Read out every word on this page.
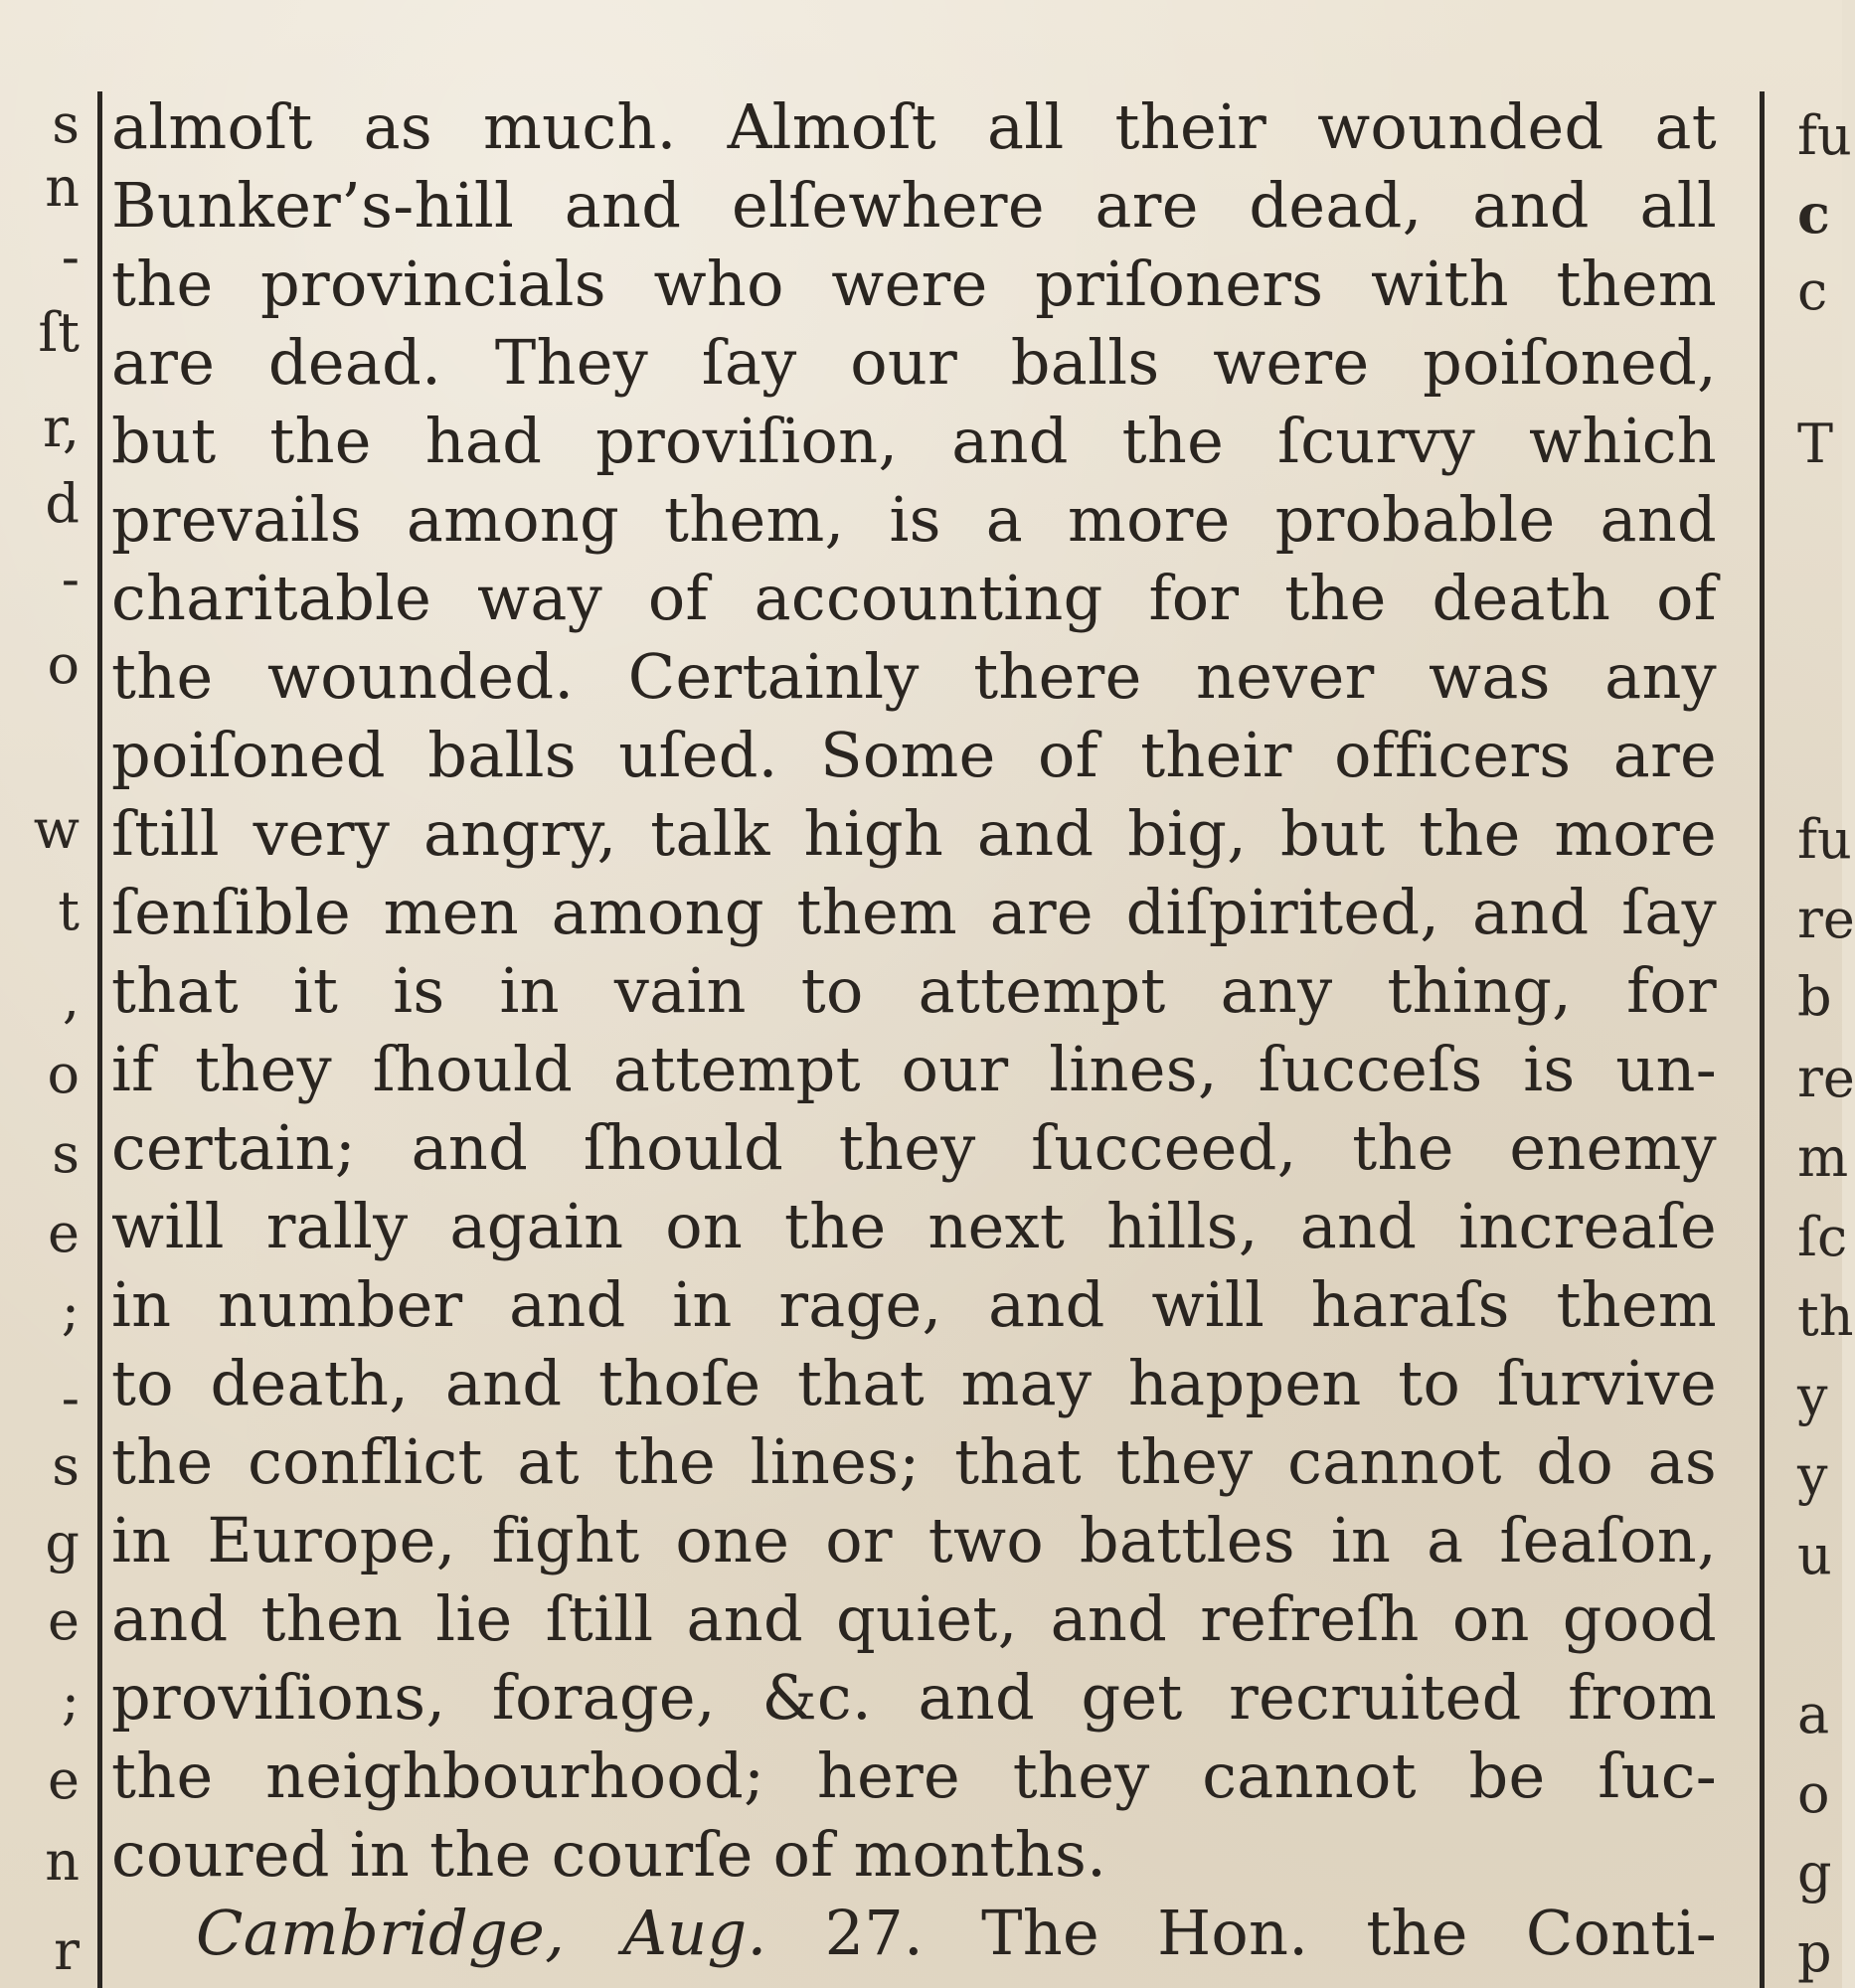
s
n
-
ſt
r,
d
-
o
w
t
,
o
s
e
;
-
s
g
e
;
e
n
r
fu
c
c
T
fu
re
b
re
m
ſc
th
y
y
u
a
o
g
p
almoſt as much. Almoſt all their wounded at
Bunker’s-hill and elſewhere are dead, and all
the provincials who were priſoners with them
are dead. They ſay our balls were poiſoned,
but the had proviſion, and the ſcurvy which
prevails among them, is a more probable and
charitable way of accounting for the death of
the wounded. Certainly there never was any
poiſoned balls uſed. Some of their officers are
ſtill very angry, talk high and big, but the more
ſenſible men among them are diſpirited, and ſay
that it is in vain to attempt any thing, for
if they ſhould attempt our lines, ſucceſs is un-
certain; and ſhould they ſucceed, the enemy
will rally again on the next hills, and increaſe
in number and in rage, and will haraſs them
to death, and thoſe that may happen to ſurvive
the conflict at the lines; that they cannot do as
in Europe, fight one or two battles in a ſeaſon,
and then lie ſtill and quiet, and refreſh on good
proviſions, forage, &c. and get recruited from
the neighbourhood; here they cannot be ſuc-
coured in the courſe of months.
Cambridge, Aug. 27. The Hon. the Conti-
